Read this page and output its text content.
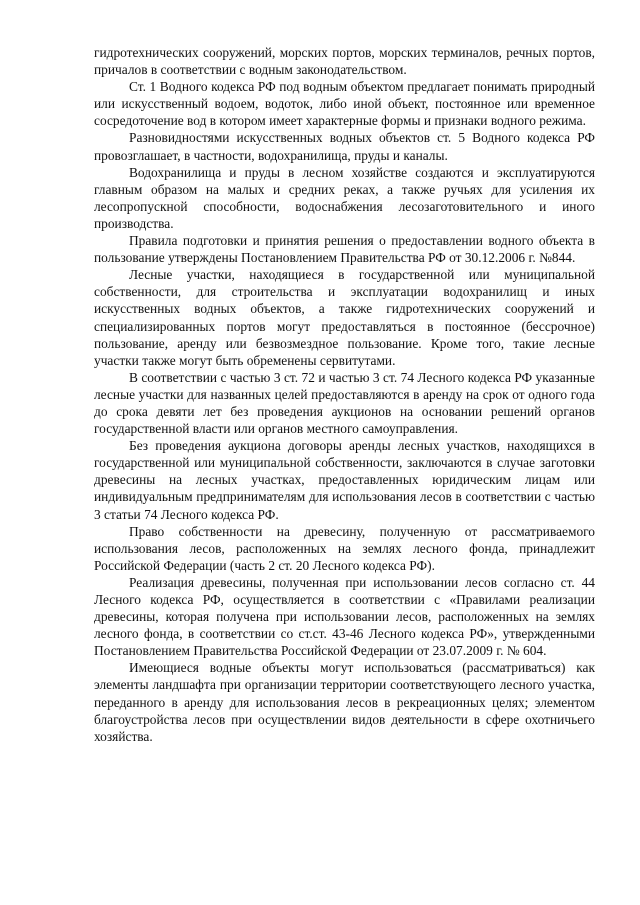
гидротехнических сооружений, морских портов, морских терминалов, речных портов, причалов в соответствии с водным законодательством.

Ст. 1 Водного кодекса РФ под водным объектом предлагает понимать природный или искусственный водоем, водоток, либо иной объект, постоянное или временное сосредоточение вод в котором имеет характерные формы и признаки водного режима.

Разновидностями искусственных водных объектов ст. 5 Водного кодекса РФ провозглашает, в частности, водохранилища, пруды и каналы.

Водохранилища и пруды в лесном хозяйстве создаются и эксплуатируются главным образом на малых и средних реках, а также ручьях для усиления их лесопропускной способности, водоснабжения лесозаготовительного и иного производства.

Правила подготовки и принятия решения о предоставлении водного объекта в пользование утверждены Постановлением Правительства РФ от 30.12.2006 г. №844.

Лесные участки, находящиеся в государственной или муниципальной собственности, для строительства и эксплуатации водохранилищ и иных искусственных водных объектов, а также гидротехнических сооружений и специализированных портов могут предоставляться в постоянное (бессрочное) пользование, аренду или безвозмездное пользование. Кроме того, такие лесные участки также могут быть обременены сервитутами.

В соответствии с частью 3 ст. 72 и частью 3 ст. 74 Лесного кодекса РФ указанные лесные участки для названных целей предоставляются в аренду на срок от одного года до срока девяти лет без проведения аукционов на основании решений органов государственной власти или органов местного самоуправления.

Без проведения аукциона договоры аренды лесных участков, находящихся в государственной или муниципальной собственности, заключаются в случае заготовки древесины на лесных участках, предоставленных юридическим лицам или индивидуальным предпринимателям для использования лесов в соответствии с частью 3 статьи 74 Лесного кодекса РФ.

Право собственности на древесину, полученную от рассматриваемого использования лесов, расположенных на землях лесного фонда, принадлежит Российской Федерации (часть 2 ст. 20 Лесного кодекса РФ).

Реализация древесины, полученная при использовании лесов согласно ст. 44 Лесного кодекса РФ, осуществляется в соответствии с «Правилами реализации древесины, которая получена при использовании лесов, расположенных на землях лесного фонда, в соответствии со ст.ст. 43-46 Лесного кодекса РФ», утвержденными Постановлением Правительства Российской Федерации от 23.07.2009 г. № 604.

Имеющиеся водные объекты могут использоваться (рассматриваться) как элементы ландшафта при организации территории соответствующего лесного участка, переданного в аренду для использования лесов в рекреационных целях; элементом благоустройства лесов при осуществлении видов деятельности в сфере охотничьего хозяйства.
